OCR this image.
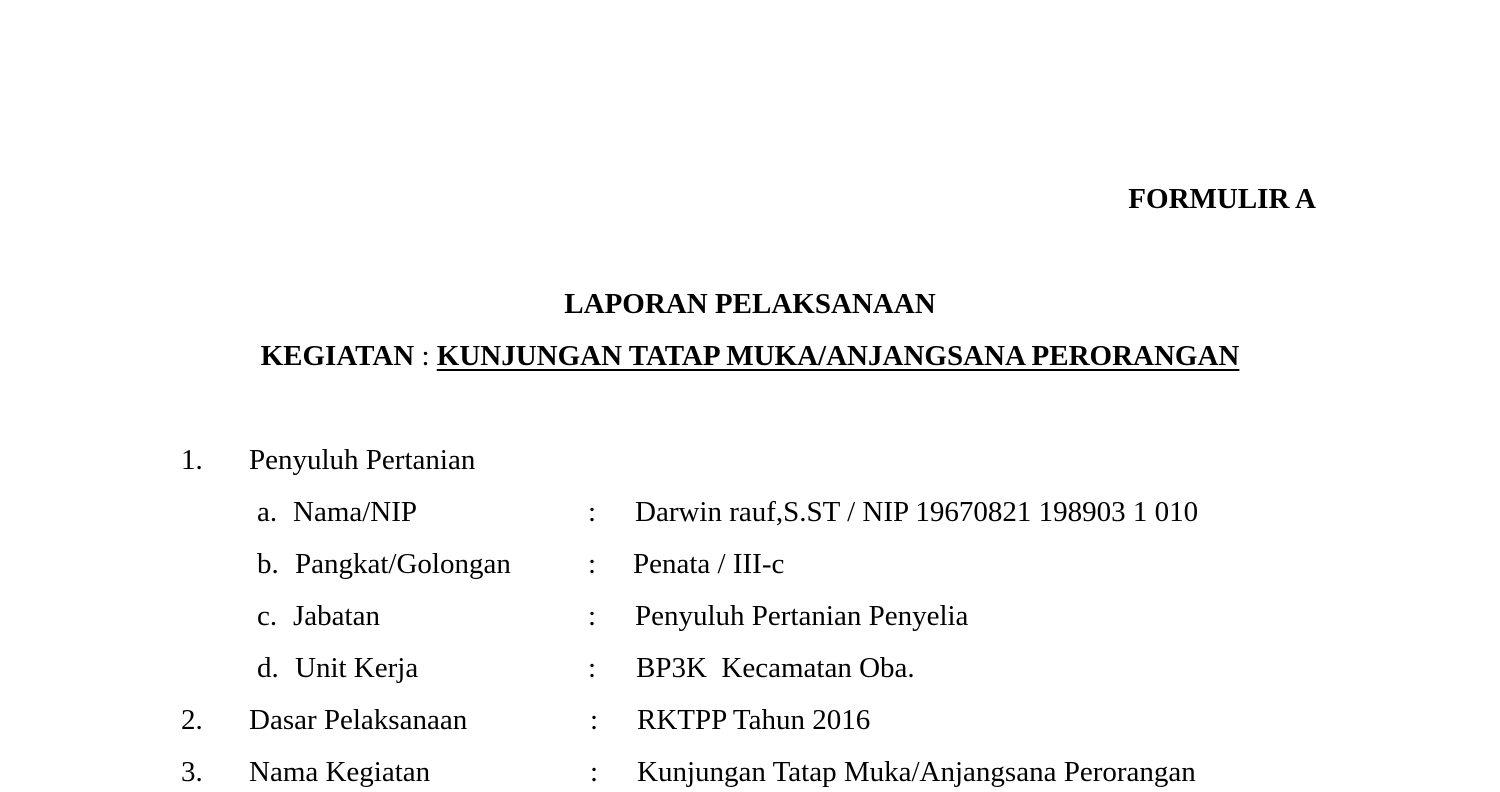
FORMULIR A
LAPORAN PELAKSANAAN
KEGIATAN : KUNJUNGAN TATAP MUKA/ANJANGSANA PERORANGAN
1. Penyuluh Pertanian
a. Nama/NIP	: Darwin rauf,S.ST / NIP 19670821 198903 1 010
b. Pangkat/Golongan	: Penata / III-c
c. Jabatan	: Penyuluh Pertanian Penyelia
d. Unit Kerja	: BP3K  Kecamatan Oba.
2. Dasar Pelaksanaan	: RKTPP Tahun 2016
3. Nama Kegiatan	: Kunjungan Tatap Muka/Anjangsana Perorangan
